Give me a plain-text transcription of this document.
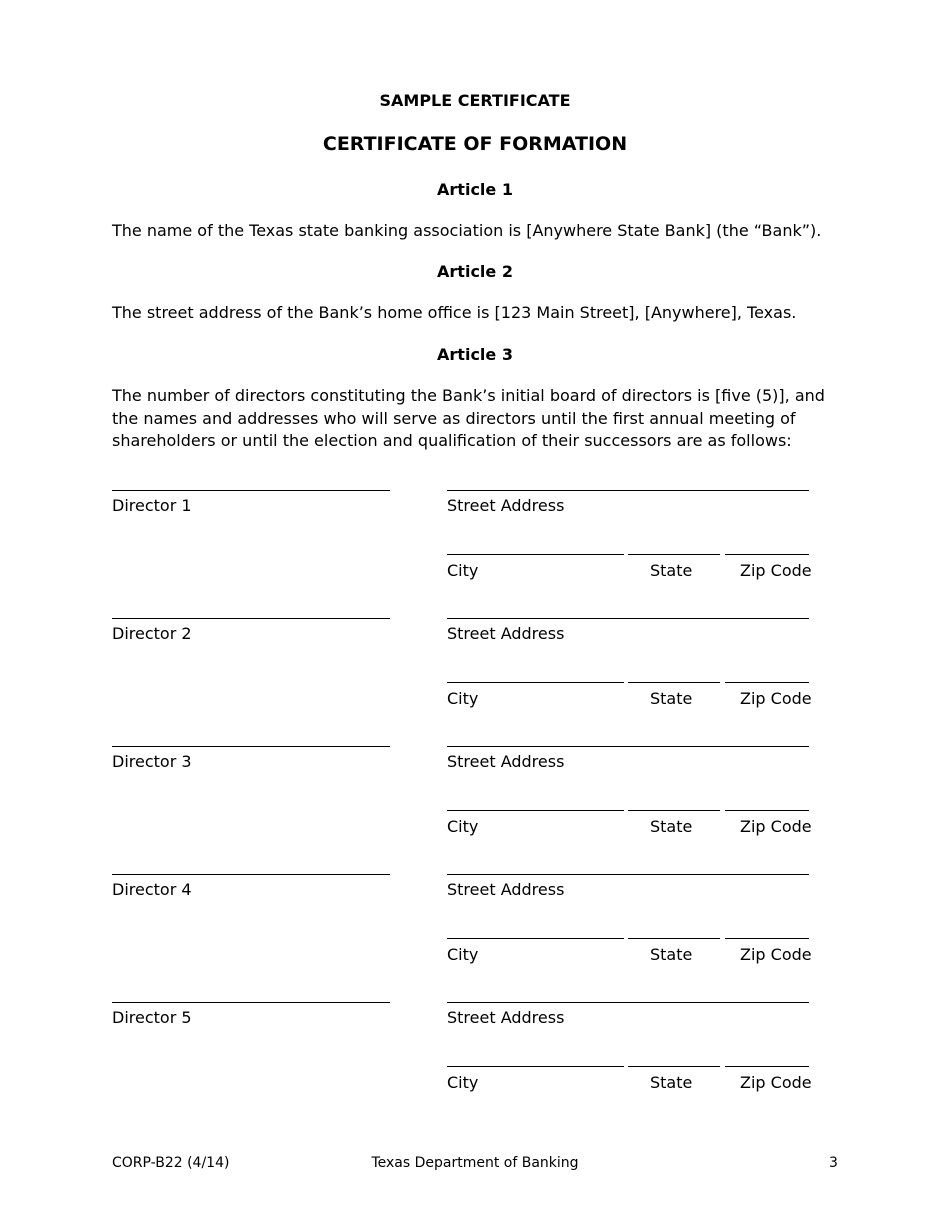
SAMPLE CERTIFICATE
CERTIFICATE OF FORMATION
Article 1
The name of the Texas state banking association is [Anywhere State Bank] (the “Bank”).
Article 2
The street address of the Bank’s home office is [123 Main Street], [Anywhere], Texas.
Article 3
The number of directors constituting the Bank’s initial board of directors is [five (5)], and the names and addresses who will serve as directors until the first annual meeting of shareholders or until the election and qualification of their successors are as follows:
Director 1	Street Address
City	State	Zip Code
Director 2	Street Address
City	State	Zip Code
Director 3	Street Address
City	State	Zip Code
Director 4	Street Address
City	State	Zip Code
Director 5	Street Address
City	State	Zip Code
CORP-B22 (4/14)	Texas Department of Banking	3
